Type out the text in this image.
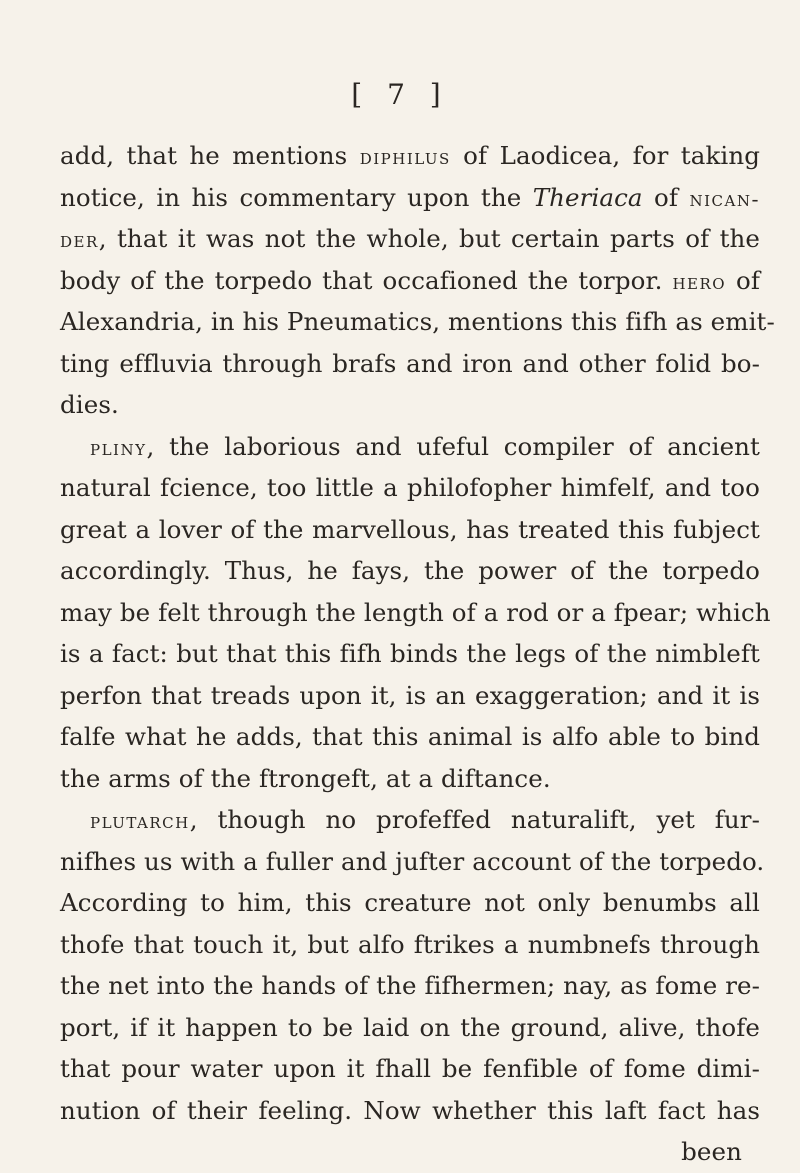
[ 7 ]
add, that he mentions diphilus of Laodicea, for taking
notice, in his commentary upon the Theriaca of nican-
der, that it was not the whole, but certain parts of the
body of the torpedo that occafioned the torpor. hero of
Alexandria, in his Pneumatics, mentions this fifh as emit-
ting effluvia through brafs and iron and other folid bo-
dies.
pliny, the laborious and ufeful compiler of ancient
natural fcience, too little a philofopher himfelf, and too
great a lover of the marvellous, has treated this fubject
accordingly. Thus, he fays, the power of the torpedo
may be felt through the length of a rod or a fpear; which
is a fact: but that this fifh binds the legs of the nimbleft
perfon that treads upon it, is an exaggeration; and it is
falfe what he adds, that this animal is alfo able to bind
the arms of the ftrongeft, at a diftance.
plutarch, though no profeffed naturalift, yet fur-
nifhes us with a fuller and jufter account of the torpedo.
According to him, this creature not only benumbs all
thofe that touch it, but alfo ftrikes a numbnefs through
the net into the hands of the fifhermen; nay, as fome re-
port, if it happen to be laid on the ground, alive, thofe
that pour water upon it fhall be fenfible of fome dimi-
nution of their feeling. Now whether this laft fact has
been
